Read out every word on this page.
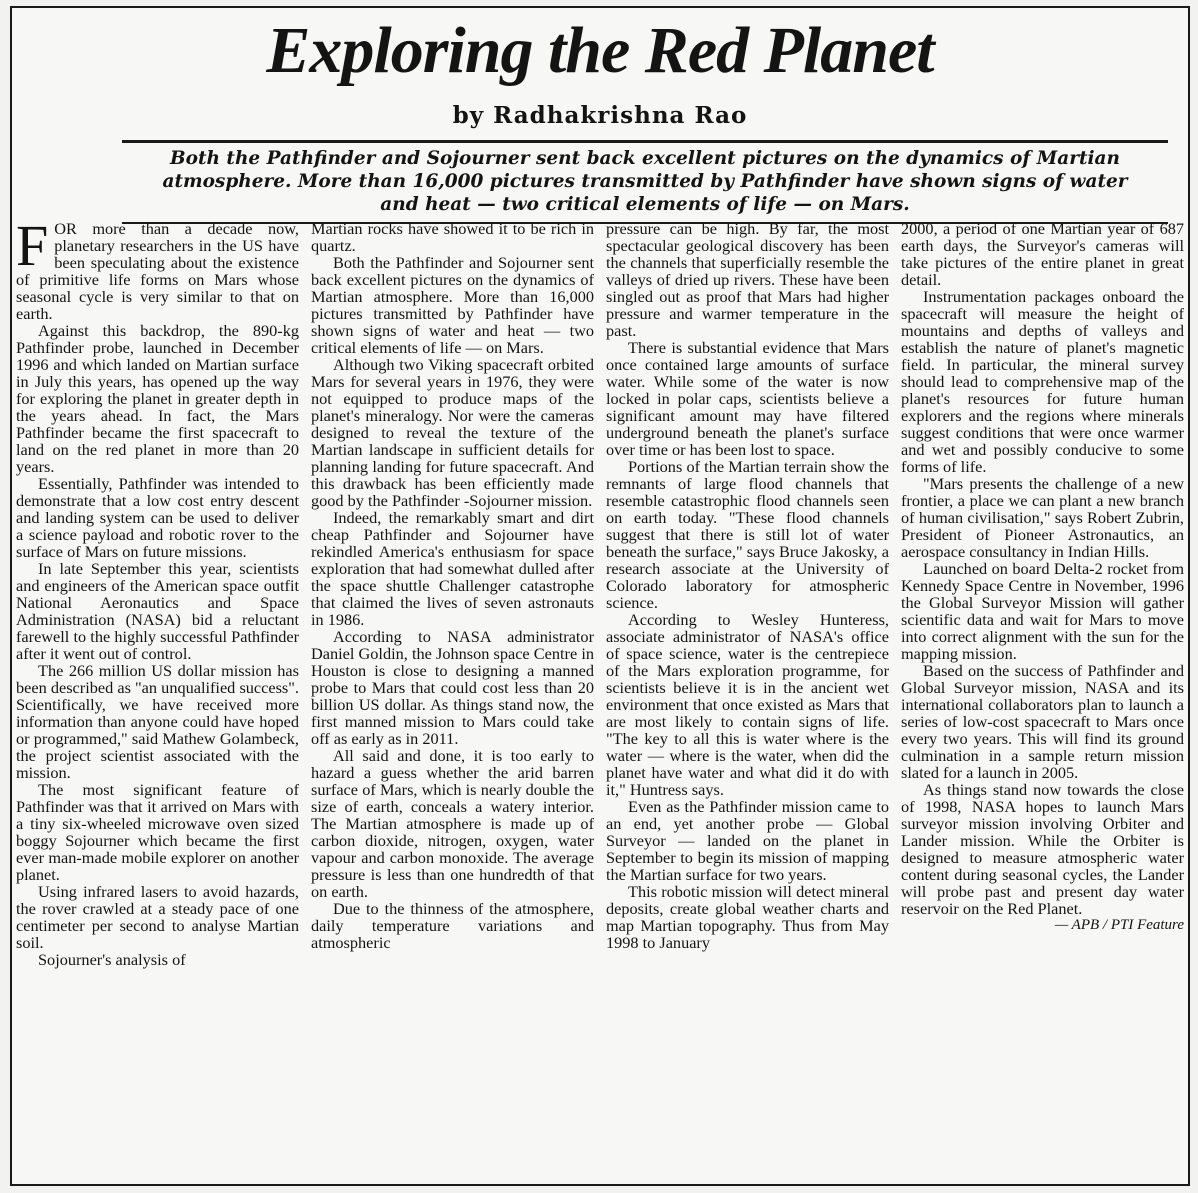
Exploring the Red Planet
by Radhakrishna Rao
Both the Pathfinder and Sojourner sent back excellent pictures on the dynamics of Martian atmosphere. More than 16,000 pictures transmitted by Pathfinder have shown signs of water and heat — two critical elements of life — on Mars.

FOR more than a decade now, planetary researchers in the US have been speculating about the existence of primitive life forms on Mars whose seasonal cycle is very similar to that on earth.

Against this backdrop, the 890-kg Pathfinder probe, launched in December 1996 and which landed on Martian surface in July this years, has opened up the way for exploring the planet in greater depth in the years ahead. In fact, the Mars Pathfinder became the first spacecraft to land on the red planet in more than 20 years.

Essentially, Pathfinder was intended to demonstrate that a low cost entry descent and landing system can be used to deliver a science payload and robotic rover to the surface of Mars on future missions.

In late September this year, scientists and engineers of the American space outfit National Aeronautics and Space Administration (NASA) bid a reluctant farewell to the highly successful Pathfinder after it went out of control.

The 266 million US dollar mission has been described as "an unqualified success". Scientifically, we have received more information than anyone could have hoped or programmed," said Mathew Golambeck, the project scientist associated with the mission.

The most significant feature of Pathfinder was that it arrived on Mars with a tiny six-wheeled microwave oven sized boggy Sojourner which became the first ever man-made mobile explorer on another planet.

Using infrared lasers to avoid hazards, the rover crawled at a steady pace of one centimeter per second to analyse Martian soil.

Sojourner's analysis of

Martian rocks have showed it to be rich in quartz.

Both the Pathfinder and Sojourner sent back excellent pictures on the dynamics of Martian atmosphere. More than 16,000 pictures transmitted by Pathfinder have shown signs of water and heat — two critical elements of life — on Mars.

Although two Viking spacecraft orbited Mars for several years in 1976, they were not equipped to produce maps of the planet's mineralogy. Nor were the cameras designed to reveal the texture of the Martian landscape in sufficient details for planning landing for future spacecraft. And this drawback has been efficiently made good by the Pathfinder -Sojourner mission.

Indeed, the remarkably smart and dirt cheap Pathfinder and Sojourner have rekindled America's enthusiasm for space exploration that had somewhat dulled after the space shuttle Challenger catastrophe that claimed the lives of seven astronauts in 1986.

According to NASA administrator Daniel Goldin, the Johnson space Centre in Houston is close to designing a manned probe to Mars that could cost less than 20 billion US dollar. As things stand now, the first manned mission to Mars could take off as early as in 2011.

All said and done, it is too early to hazard a guess whether the arid barren surface of Mars, which is nearly double the size of earth, conceals a watery interior. The Martian atmosphere is made up of carbon dioxide, nitrogen, oxygen, water vapour and carbon monoxide. The average pressure is less than one hundredth of that on earth.

Due to the thinness of the atmosphere, daily temperature variations and atmospheric

pressure can be high. By far, the most spectacular geological discovery has been the channels that superficially resemble the valleys of dried up rivers. These have been singled out as proof that Mars had higher pressure and warmer temperature in the past.

There is substantial evidence that Mars once contained large amounts of surface water. While some of the water is now locked in polar caps, scientists believe a significant amount may have filtered underground beneath the planet's surface over time or has been lost to space.

Portions of the Martian terrain show the remnants of large flood channels that resemble catastrophic flood channels seen on earth today. "These flood channels suggest that there is still lot of water beneath the surface," says Bruce Jakosky, a research associate at the University of Colorado laboratory for atmospheric science.

According to Wesley Hunteress, associate administrator of NASA's office of space science, water is the centrepiece of the Mars exploration programme, for scientists believe it is in the ancient wet environment that once existed as Mars that are most likely to contain signs of life. "The key to all this is water where is the water — where is the water, when did the planet have water and what did it do with it," Huntress says.

Even as the Pathfinder mission came to an end, yet another probe — Global Surveyor — landed on the planet in September to begin its mission of mapping the Martian surface for two years.

This robotic mission will detect mineral deposits, create global weather charts and map Martian topography. Thus from May 1998 to January

2000, a period of one Martian year of 687 earth days, the Surveyor's cameras will take pictures of the entire planet in great detail.

Instrumentation packages onboard the spacecraft will measure the height of mountains and depths of valleys and establish the nature of planet's magnetic field. In particular, the mineral survey should lead to comprehensive map of the planet's resources for future human explorers and the regions where minerals suggest conditions that were once warmer and wet and possibly conducive to some forms of life.

"Mars presents the challenge of a new frontier, a place we can plant a new branch of human civilisation," says Robert Zubrin, President of Pioneer Astronautics, an aerospace consultancy in Indian Hills.

Launched on board Delta-2 rocket from Kennedy Space Centre in November, 1996 the Global Surveyor Mission will gather scientific data and wait for Mars to move into correct alignment with the sun for the mapping mission.

Based on the success of Pathfinder and Global Surveyor mission, NASA and its international collaborators plan to launch a series of low-cost spacecraft to Mars once every two years. This will find its ground culmination in a sample return mission slated for a launch in 2005.

As things stand now towards the close of 1998, NASA hopes to launch Mars surveyor mission involving Orbiter and Lander mission. While the Orbiter is designed to measure atmospheric water content during seasonal cycles, the Lander will probe past and present day water reservoir on the Red Planet.

— APB / PTI Feature
